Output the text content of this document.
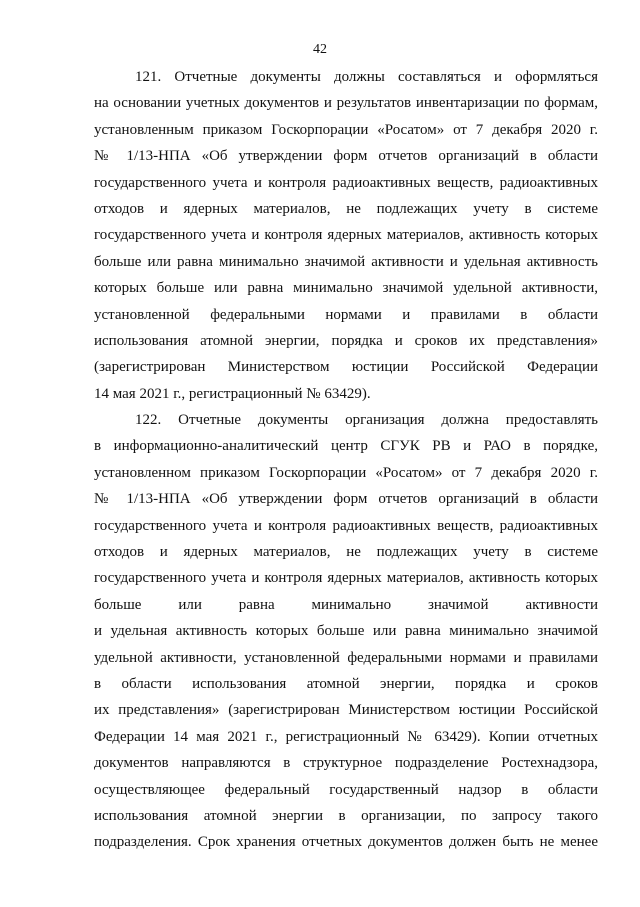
42
121. Отчетные документы должны составляться и оформляться
на основании учетных документов и результатов инвентаризации по формам,
установленным приказом Госкорпорации «Росатом» от 7 декабря 2020 г.
№ 1/13-НПА «Об утверждении форм отчетов организаций в области
государственного учета и контроля радиоактивных веществ, радиоактивных
отходов и ядерных материалов, не подлежащих учету в системе
государственного учета и контроля ядерных материалов, активность которых
больше или равна минимально значимой активности и удельная активность
которых больше или равна минимально значимой удельной активности,
установленной федеральными нормами и правилами в области
использования атомной энергии, порядка и сроков их представления»
(зарегистрирован Министерством юстиции Российской Федерации
14 мая 2021 г., регистрационный № 63429).
122. Отчетные документы организация должна предоставлять
в информационно-аналитический центр СГУК РВ и РАО в порядке,
установленном приказом Госкорпорации «Росатом» от 7 декабря 2020 г.
№ 1/13-НПА «Об утверждении форм отчетов организаций в области
государственного учета и контроля радиоактивных веществ, радиоактивных
отходов и ядерных материалов, не подлежащих учету в системе
государственного учета и контроля ядерных материалов, активность которых
больше или равна минимально значимой активности
и удельная активность которых больше или равна минимально значимой
удельной активности, установленной федеральными нормами и правилами
в области использования атомной энергии, порядка и сроков
их представления» (зарегистрирован Министерством юстиции Российской
Федерации 14 мая 2021 г., регистрационный № 63429). Копии отчетных
документов направляются в структурное подразделение Ростехнадзора,
осуществляющее федеральный государственный надзор в области
использования атомной энергии в организации, по запросу такого
подразделения. Срок хранения отчетных документов должен быть не менее
